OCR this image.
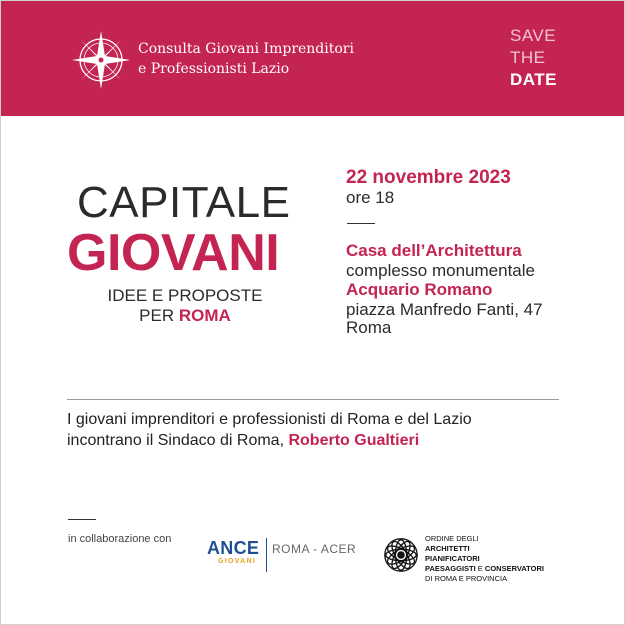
Consulta Giovani Imprenditori
e Professionisti Lazio
SAVE
THE
DATE
CAPITALE
GIOVANI
IDEE E PROPOSTE
PER ROMA
22 novembre 2023
ore 18
Casa dell’Architettura
complesso monumentale
Acquario Romano
piazza Manfredo Fanti, 47
Roma
I giovani imprenditori e professionisti di Roma e del Lazio
incontrano il Sindaco di Roma, Roberto Gualtieri
in collaborazione con ANCE
GIOVANI
ROMA - ACER
ORDINE DEGLI
ARCHITETTI
PIANIFICATORI
PAESAGGISTI E CONSERVATORI
DI ROMA E PROVINCIA
